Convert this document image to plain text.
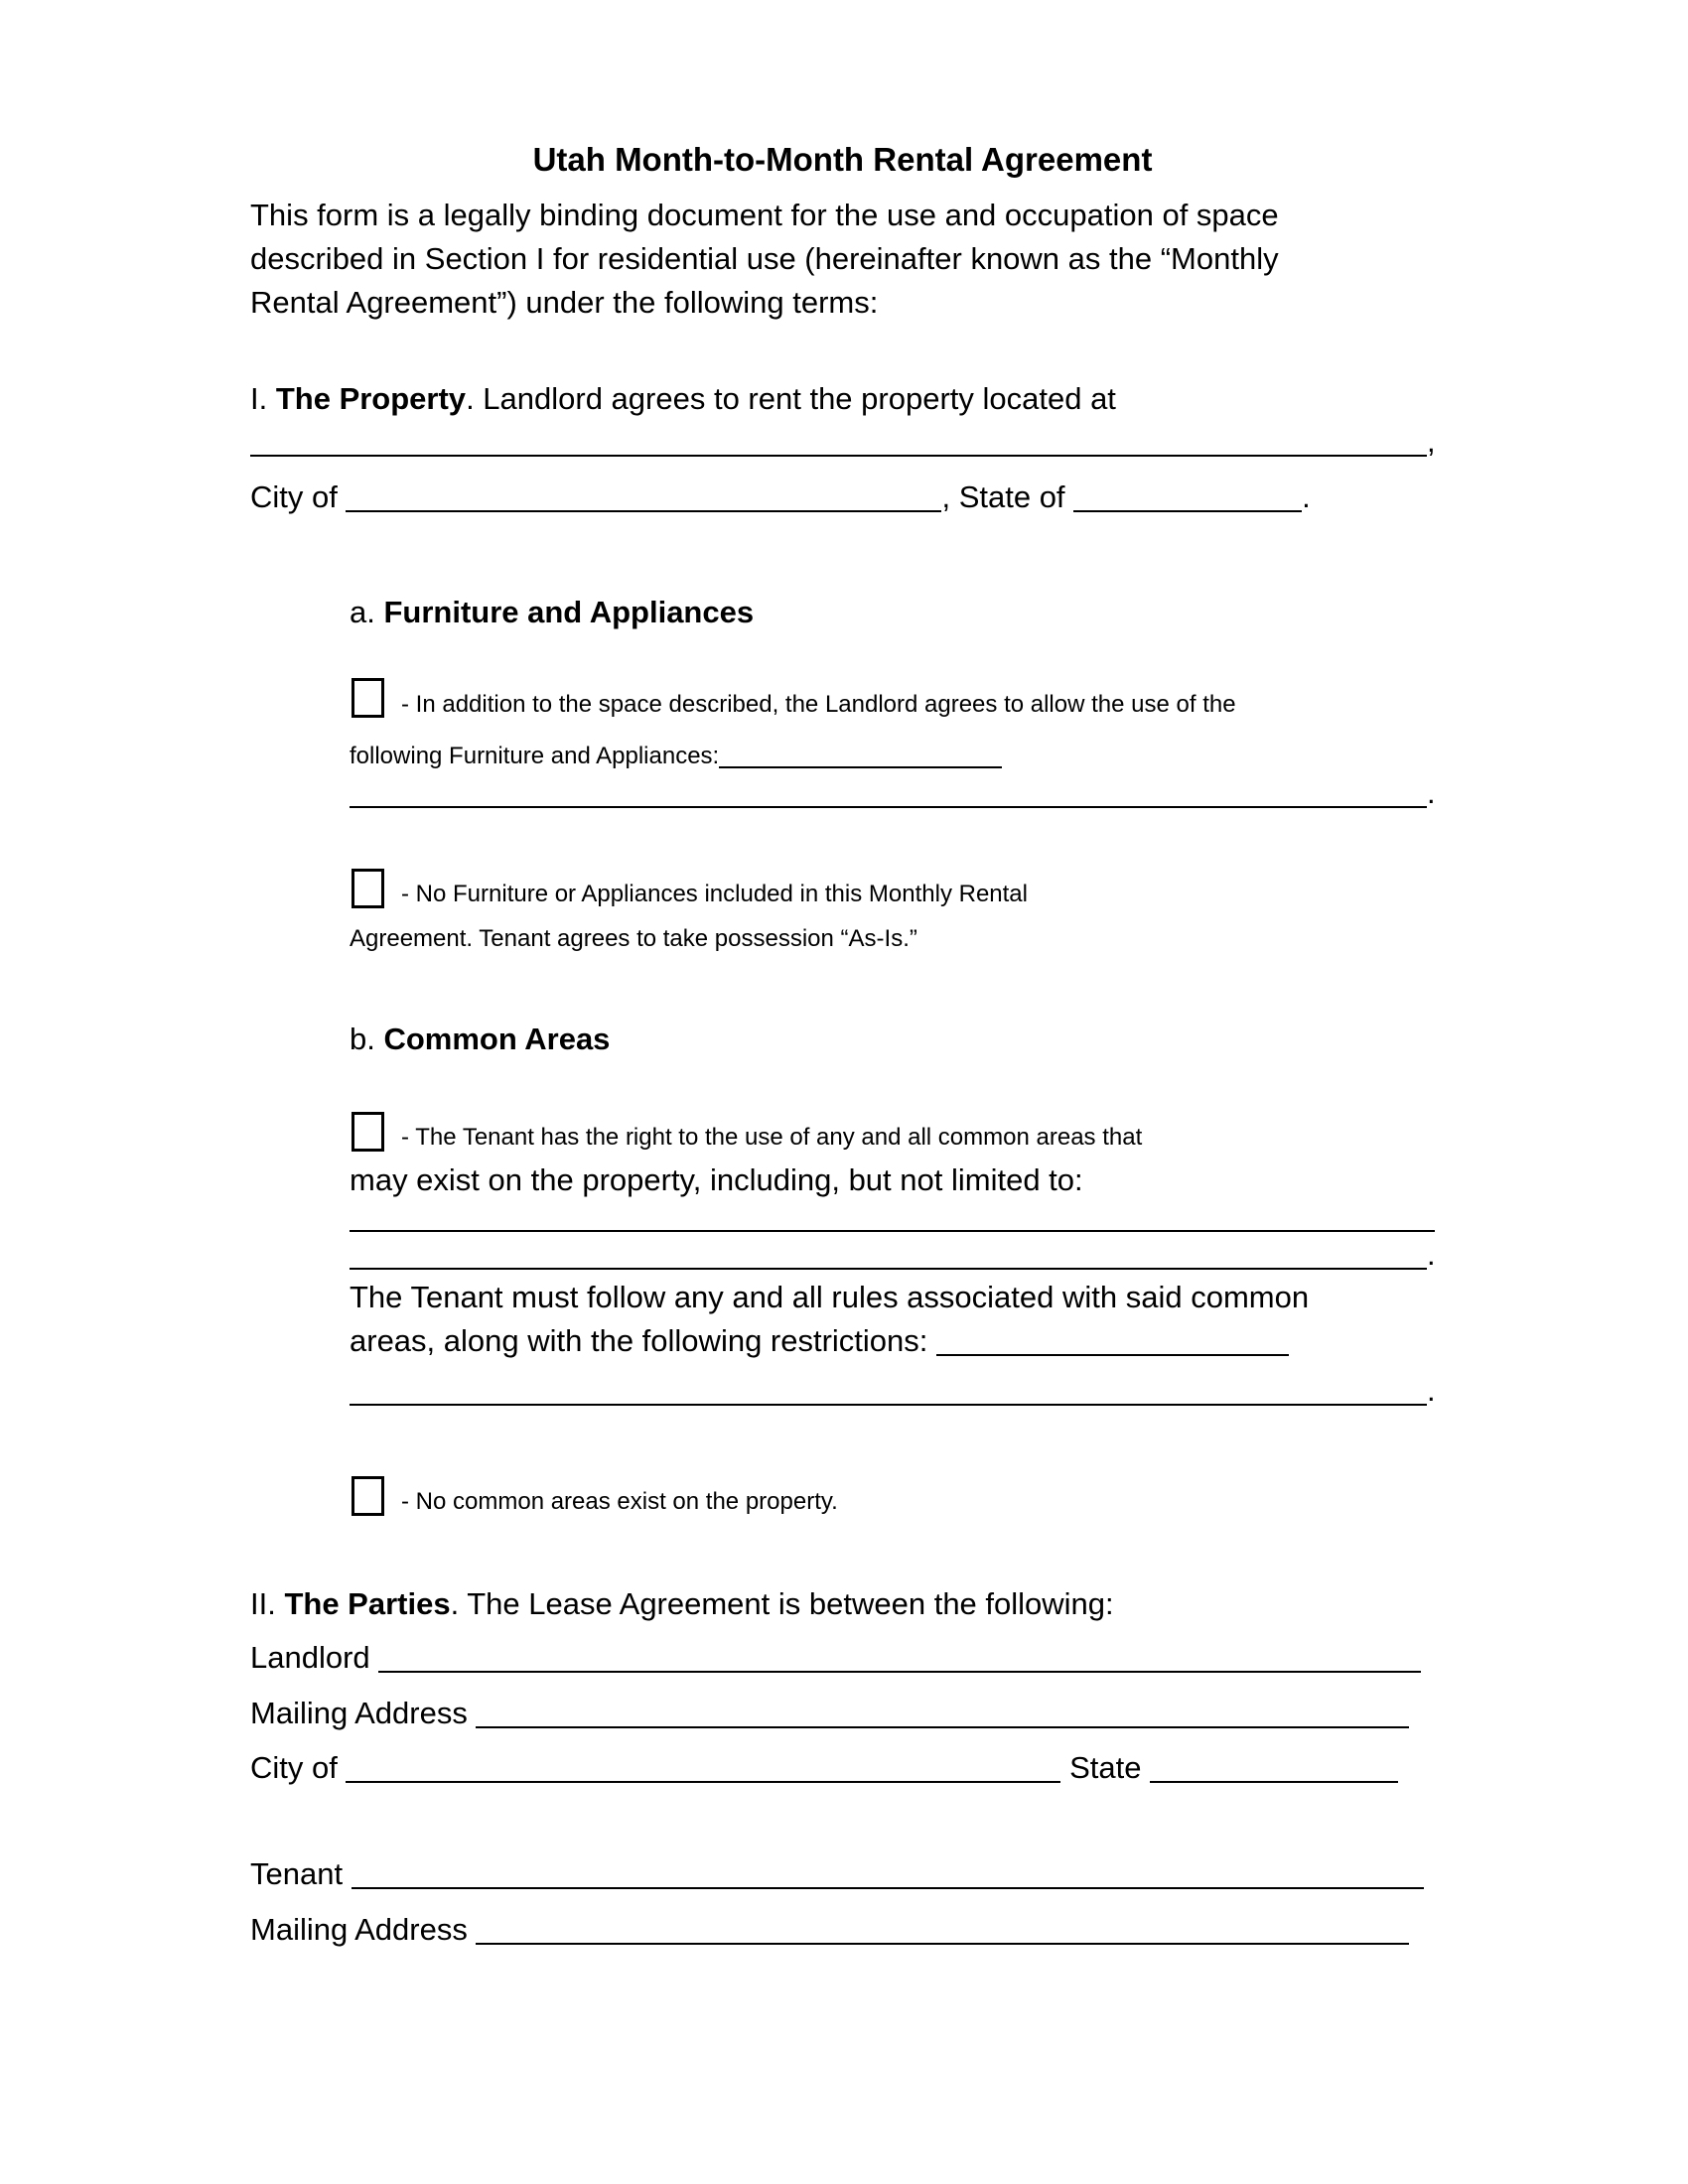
Utah Month-to-Month Rental Agreement
This form is a legally binding document for the use and occupation of space
described in Section I for residential use (hereinafter known as the “Monthly
Rental Agreement”) under the following terms:
I. The Property. Landlord agrees to rent the property located at
,
City of	, State of	.
a. Furniture and Appliances
- In addition to the space described, the Landlord agrees to allow the use of the
following Furniture and Appliances:
.
- No Furniture or Appliances included in this Monthly Rental
Agreement. Tenant agrees to take possession “As-Is.”
b. Common Areas
- The Tenant has the right to the use of any and all common areas that
may exist on the property, including, but not limited to:
.
The Tenant must follow any and all rules associated with said common
areas, along with the following restrictions:
.
- No common areas exist on the property.
II. The Parties. The Lease Agreement is between the following:
Landlord
Mailing Address
City of	State
Tenant
Mailing Address
